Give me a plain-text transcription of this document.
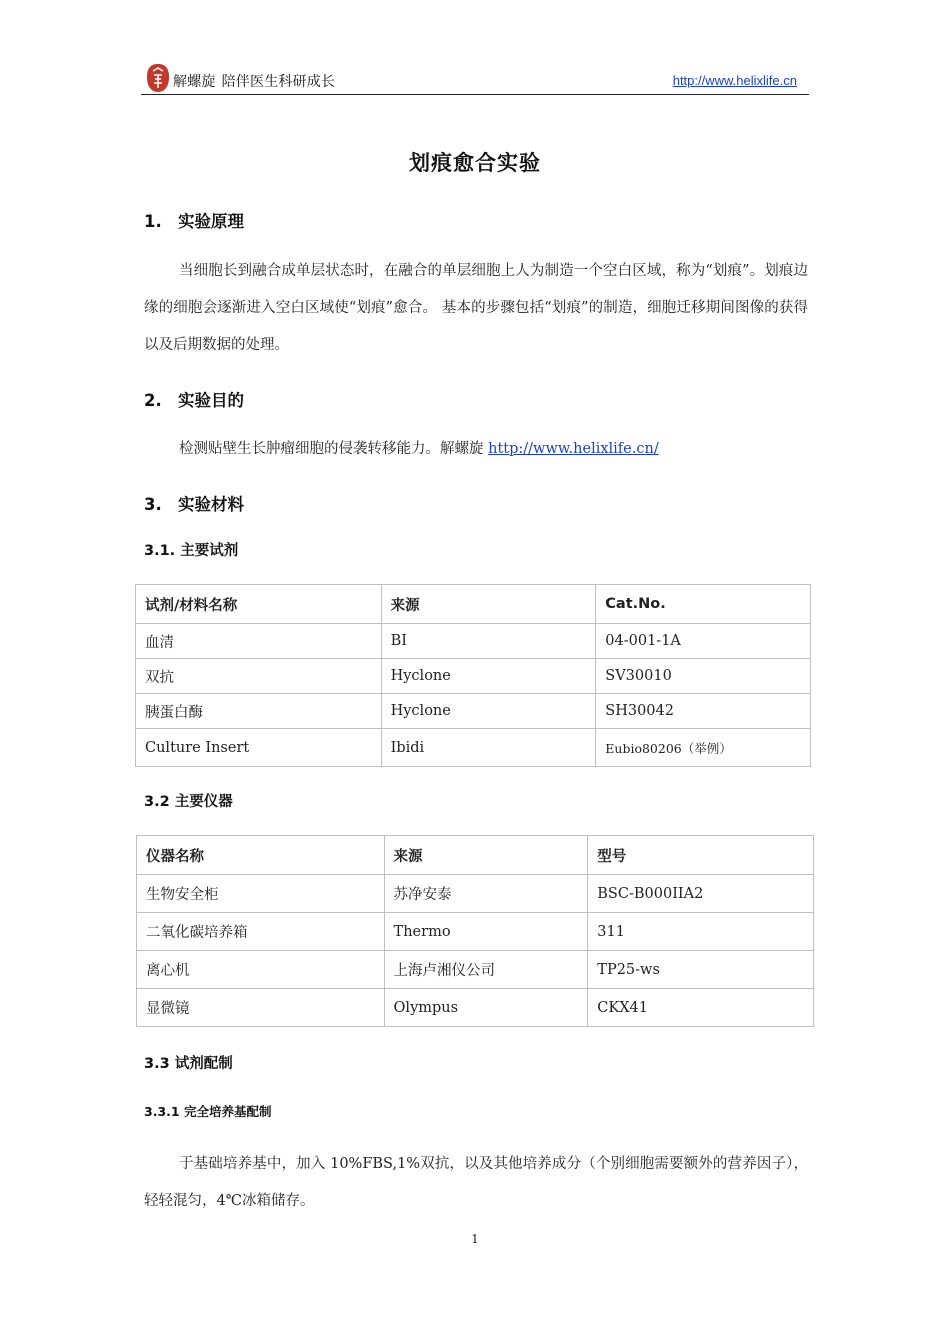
解螺旋 陪伴医生科研成长	http://www.helixlife.cn
划痕愈合实验
1. 实验原理
当细胞长到融合成单层状态时，在融合的单层细胞上人为制造一个空白区域，称为“划痕”。划痕边缘的细胞会逐渐进入空白区域使“划痕”愈合。 基本的步骤包括“划痕”的制造，细胞迁移期间图像的获得以及后期数据的处理。
2. 实验目的
检测贴壁生长肿瘤细胞的侵袭转移能力。解螺旋 http://www.helixlife.cn/
3. 实验材料
3.1. 主要试剂
试剂/材料名称	来源	Cat.No.
血清	BI	04-001-1A
双抗	Hyclone	SV30010
胰蛋白酶	Hyclone	SH30042
Culture Insert	Ibidi	Eubio80206（举例）
3.2 主要仪器
仪器名称	来源	型号
生物安全柜	苏净安泰	BSC-B000IIA2
二氧化碳培养箱	Thermo	311
离心机	上海卢湘仪公司	TP25-ws
显微镜	Olympus	CKX41
3.3 试剂配制
3.3.1 完全培养基配制
于基础培养基中，加入 10%FBS,1%双抗，以及其他培养成分（个别细胞需要额外的营养因子），轻轻混匀，4℃冰箱储存。
1
